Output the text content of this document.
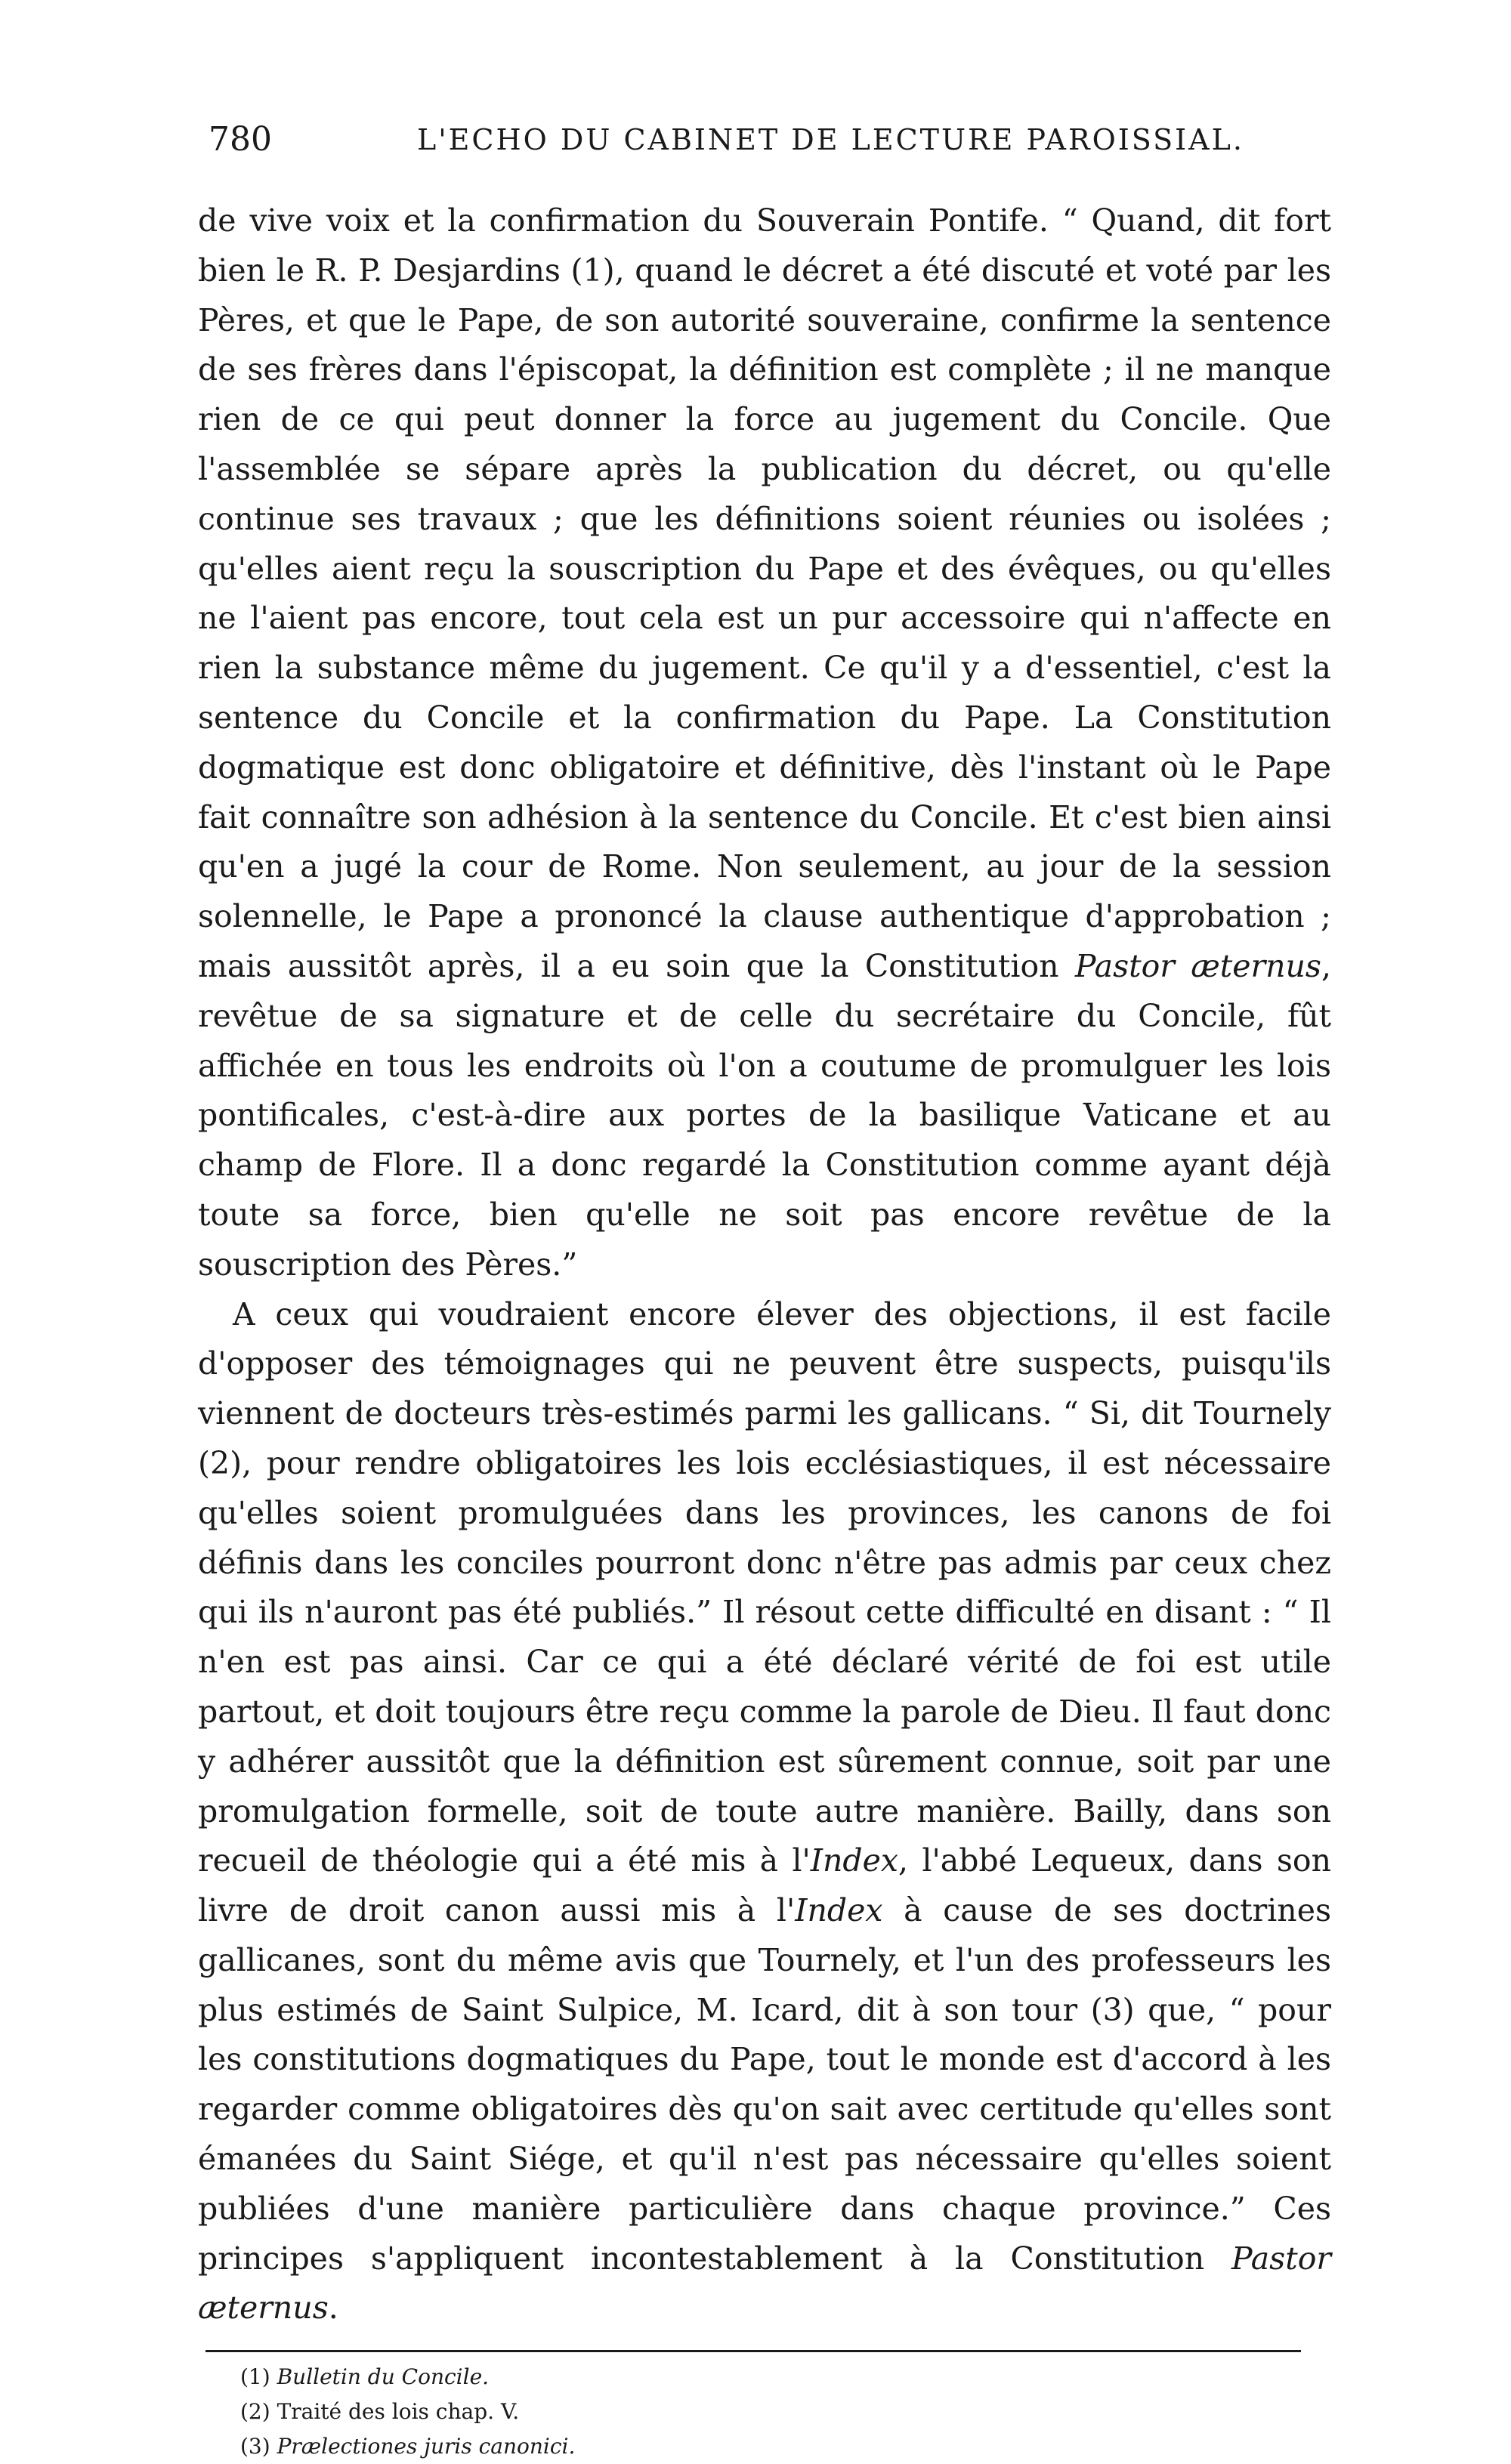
780	L'ECHO DU CABINET DE LECTURE PAROISSIAL.

de vive voix et la confirmation du Souverain Pontife. “ Quand, dit fort bien le R. P. Desjardins (1), quand le décret a été discuté et voté par les Pères, et que le Pape, de son autorité souveraine, confirme la sentence de ses frères dans l'épiscopat, la définition est complète ; il ne manque rien de ce qui peut donner la force au jugement du Concile. Que l'assemblée se sépare après la publication du décret, ou qu'elle continue ses travaux ; que les définitions soient réunies ou isolées ; qu'elles aient reçu la souscription du Pape et des évêques, ou qu'elles ne l'aient pas encore, tout cela est un pur accessoire qui n'affecte en rien la substance même du jugement. Ce qu'il y a d'essentiel, c'est la sentence du Concile et la confirmation du Pape. La Constitution dogmatique est donc obligatoire et définitive, dès l'instant où le Pape fait connaître son adhésion à la sentence du Concile. Et c'est bien ainsi qu'en a jugé la cour de Rome. Non seulement, au jour de la session solennelle, le Pape a prononcé la clause authentique d'approbation ; mais aussitôt après, il a eu soin que la Constitution Pastor æternus, revêtue de sa signature et de celle du secrétaire du Concile, fût affichée en tous les endroits où l'on a coutume de promulguer les lois pontificales, c'est-à-dire aux portes de la basilique Vaticane et au champ de Flore. Il a donc regardé la Constitution comme ayant déjà toute sa force, bien qu'elle ne soit pas encore revêtue de la souscription des Pères.”

A ceux qui voudraient encore élever des objections, il est facile d'opposer des témoignages qui ne peuvent être suspects, puisqu'ils viennent de docteurs très-estimés parmi les gallicans. “ Si, dit Tournely (2), pour rendre obligatoires les lois ecclésiastiques, il est nécessaire qu'elles soient promulguées dans les provinces, les canons de foi définis dans les conciles pourront donc n'être pas admis par ceux chez qui ils n'auront pas été publiés.” Il résout cette difficulté en disant : “ Il n'en est pas ainsi. Car ce qui a été déclaré vérité de foi est utile partout, et doit toujours être reçu comme la parole de Dieu. Il faut donc y adhérer aussitôt que la définition est sûrement connue, soit par une promulgation formelle, soit de toute autre manière. Bailly, dans son recueil de théologie qui a été mis à l'Index, l'abbé Lequeux, dans son livre de droit canon aussi mis à l'Index à cause de ses doctrines gallicanes, sont du même avis que Tournely, et l'un des professeurs les plus estimés de Saint Sulpice, M. Icard, dit à son tour (3) que, “ pour les constitutions dogmatiques du Pape, tout le monde est d'accord à les regarder comme obligatoires dès qu'on sait avec certitude qu'elles sont émanées du Saint Siége, et qu'il n'est pas nécessaire qu'elles soient publiées d'une manière particulière dans chaque province.” Ces principes s'appliquent incontestablement à la Constitution Pastor æternus.

(1) Bulletin du Concile.
(2) Traité des lois chap. V.
(3) Prælectiones juris canonici.
